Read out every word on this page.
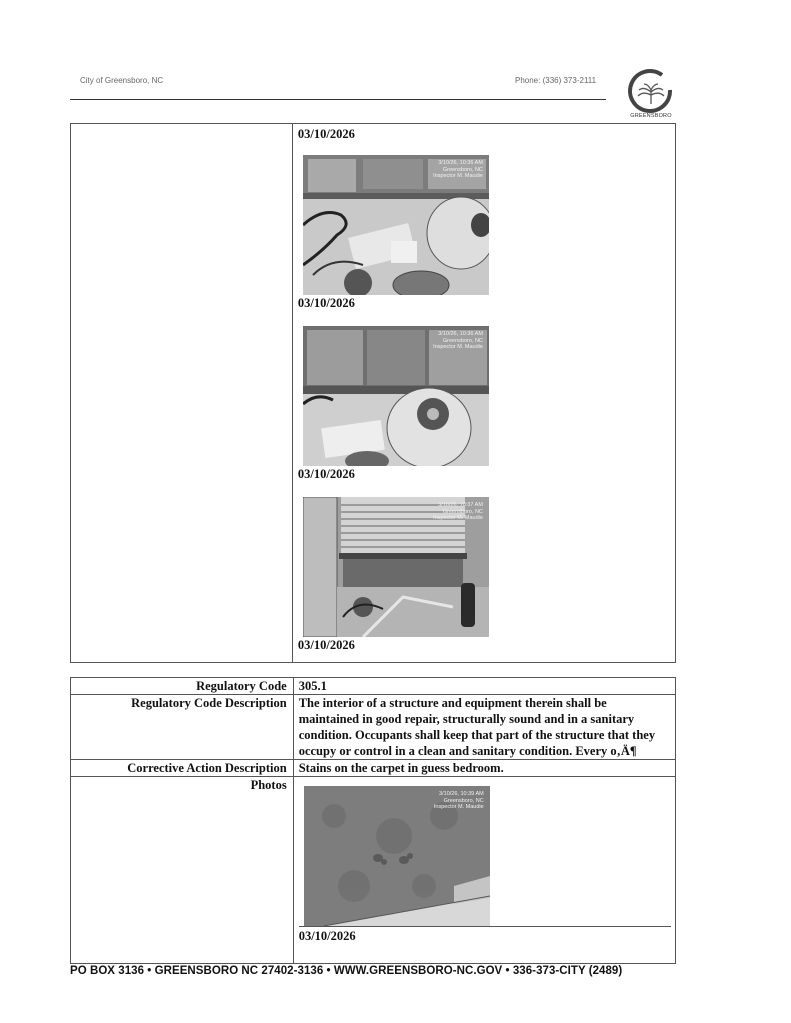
City of Greensboro, NC	Phone: (336) 373-2111
GREENSBORO

03/10/2026
3/10/26, 10:36 AM
Greensboro, NC
Inspector M. Maudie
03/10/2026
3/10/26, 10:36 AM
Greensboro, NC
Inspector M. Maudie
03/10/2026
3/10/26, 10:37 AM
Greensboro, NC
Inspector M. Maudie
03/10/2026
Regulatory Code	305.1
Regulatory Code Description	The interior of a structure and equipment therein shall be maintained in good repair, structurally sound and in a sanitary condition. Occupants shall keep that part of the structure that they occupy or control in a clean and sanitary condition. Every o‚Ä¶
Corrective Action Description	Stains on the carpet in guess bedroom.
Photos	3/10/26, 10:39 AM
Greensboro, NC
Inspector M. Maudie
03/10/2026
PO BOX 3136 • GREENSBORO NC 27402-3136 • WWW.GREENSBORO-NC.GOV • 336-373-CITY (2489)
